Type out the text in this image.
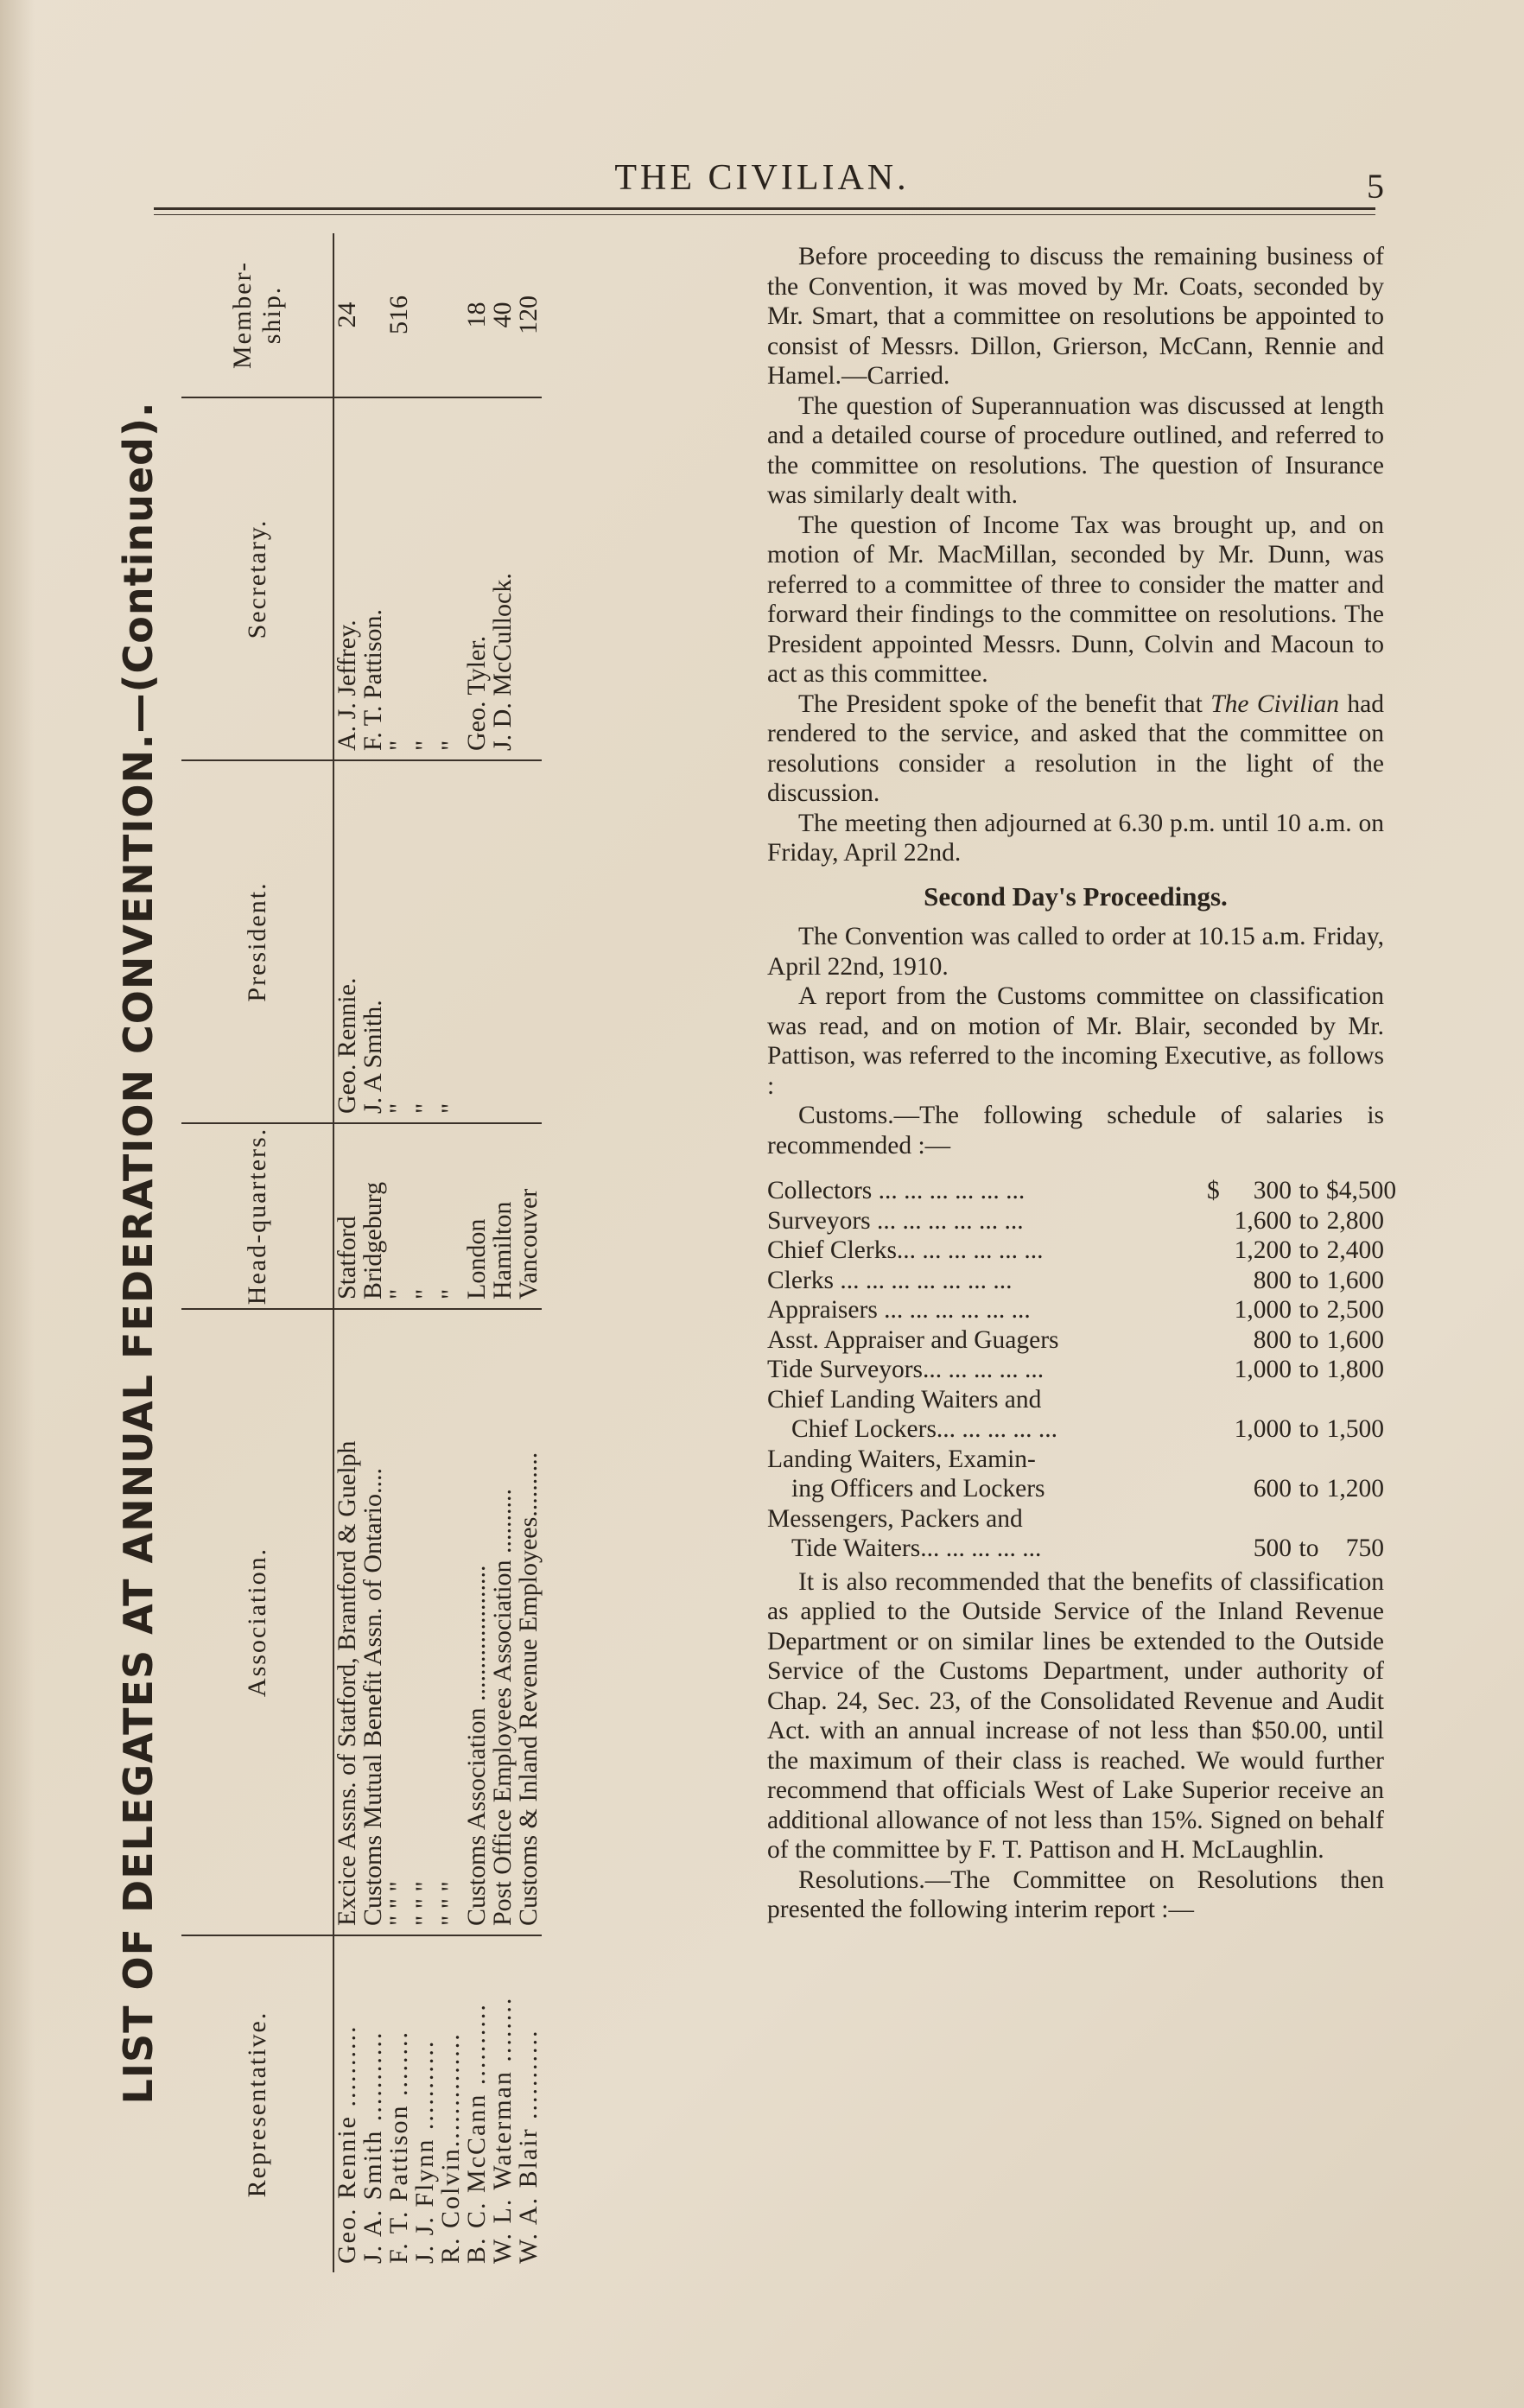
THE CIVILIAN.	5
LIST OF DELEGATES AT ANNUAL FEDERATION CONVENTION.—(Continued).
Representative.	Association.	Head-quarters.	President.	Secretary.	Member-ship.
Geo. Rennie ..........	Excice Assns. of Statford, Brantford & Guelph	Statford	Geo. Rennie.	A. J. Jeffrey.	24
J. A. Smith ...........	Customs Mutual Benefit Assn. of Ontario....	Bridgeburg	J. A Smith.	F. T. Pattison.	
F. T. Pattison ........	" " "	"	"	"	516
J. J. Flynn ...........	" " "	"	"	"	
R. Colvin..............	" " "	"	"	"	
B. C. McCann ..........	Customs Association .....................	London		Geo. Tyler.	18
W. L. Waterman ........	Post Office Employees Association ..........	Hamilton		J. D. McCullock.	40
W. A. Blair ...........	Customs & Inland Revenue Employees..........	Vancouver			120

Before proceeding to discuss the remaining business of the Convention, it was moved by Mr. Coats, seconded by Mr. Smart, that a committee on resolutions be appointed to consist of Messrs. Dillon, Grierson, McCann, Rennie and Hamel.—Carried.

The question of Superannuation was discussed at length and a detailed course of procedure outlined, and referred to the committee on resolutions. The question of Insurance was similarly dealt with.

The question of Income Tax was brought up, and on motion of Mr. MacMillan, seconded by Mr. Dunn, was referred to a committee of three to consider the matter and forward their findings to the committee on resolutions. The President appointed Messrs. Dunn, Colvin and Macoun to act as this committee.

The President spoke of the benefit that The Civilian had rendered to the service, and asked that the committee on resolutions consider a resolution in the light of the discussion.

The meeting then adjourned at 6.30 p.m. until 10 a.m. on Friday, April 22nd.

Second Day's Proceedings.

The Convention was called to order at 10.15 a.m. Friday, April 22nd, 1910.

A report from the Customs committee on classification was read, and on motion of Mr. Blair, seconded by Mr. Pattison, was referred to the incoming Executive, as follows :

Customs.—The following schedule of salaries is recommended :—

Collectors ... ... ... ... ... ...	$ 300 to $4,500
Surveyors ... ... ... ... ... ...	1,600 to 2,800
Chief Clerks... ... ... ... ... ...	1,200 to 2,400
Clerks ... ... ... ... ... ... ...	800 to 1,600
Appraisers ... ... ... ... ... ...	1,000 to 2,500
Asst. Appraiser and Guagers	800 to 1,600
Tide Surveyors... ... ... ... ...	1,000 to 1,800
Chief Landing Waiters and
Chief Lockers... ... ... ... ...	1,000 to 1,500
Landing Waiters, Examin-
ing Officers and Lockers	600 to 1,200
Messengers, Packers and
Tide Waiters... ... ... ... ...	500 to 750

It is also recommended that the benefits of classification as applied to the Outside Service of the Inland Revenue Department or on similar lines be extended to the Outside Service of the Customs Department, under authority of Chap. 24, Sec. 23, of the Consolidated Revenue and Audit Act. with an annual increase of not less than $50.00, until the maximum of their class is reached. We would further recommend that officials West of Lake Superior receive an additional allowance of not less than 15%. Signed on behalf of the committee by F. T. Pattison and H. McLaughlin.

Resolutions.—The Committee on Resolutions then presented the following interim report :—
